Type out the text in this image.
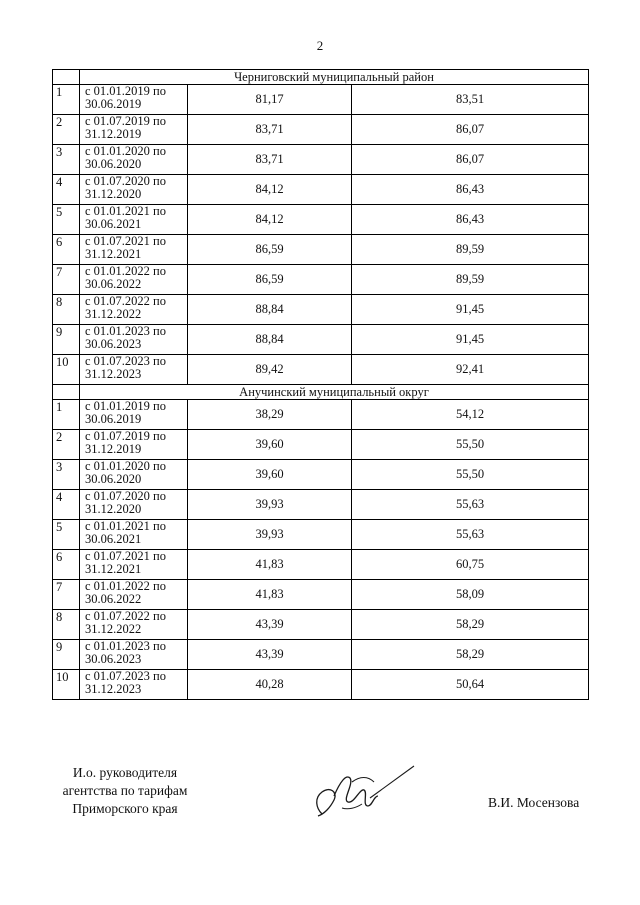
2
	Черниговский муниципальный район		
1	с 01.01.2019 по 30.06.2019	81,17	83,51
2	с 01.07.2019 по 31.12.2019	83,71	86,07
3	с 01.01.2020 по 30.06.2020	83,71	86,07
4	с 01.07.2020 по 31.12.2020	84,12	86,43
5	с 01.01.2021 по 30.06.2021	84,12	86,43
6	с 01.07.2021 по 31.12.2021	86,59	89,59
7	с 01.01.2022 по 30.06.2022	86,59	89,59
8	с 01.07.2022 по 31.12.2022	88,84	91,45
9	с 01.01.2023 по 30.06.2023	88,84	91,45
10	с 01.07.2023 по 31.12.2023	89,42	92,41
	Анучинский муниципальный округ		
1	с 01.01.2019 по 30.06.2019	38,29	54,12
2	с 01.07.2019 по 31.12.2019	39,60	55,50
3	с 01.01.2020 по 30.06.2020	39,60	55,50
4	с 01.07.2020 по 31.12.2020	39,93	55,63
5	с 01.01.2021 по 30.06.2021	39,93	55,63
6	с 01.07.2021 по 31.12.2021	41,83	60,75
7	с 01.01.2022 по 30.06.2022	41,83	58,09
8	с 01.07.2022 по 31.12.2022	43,39	58,29
9	с 01.01.2023 по 30.06.2023	43,39	58,29
10	с 01.07.2023 по 31.12.2023	40,28	50,64
И.о. руководителя
агентства по тарифам
Приморского края	В.И. Мосензова
